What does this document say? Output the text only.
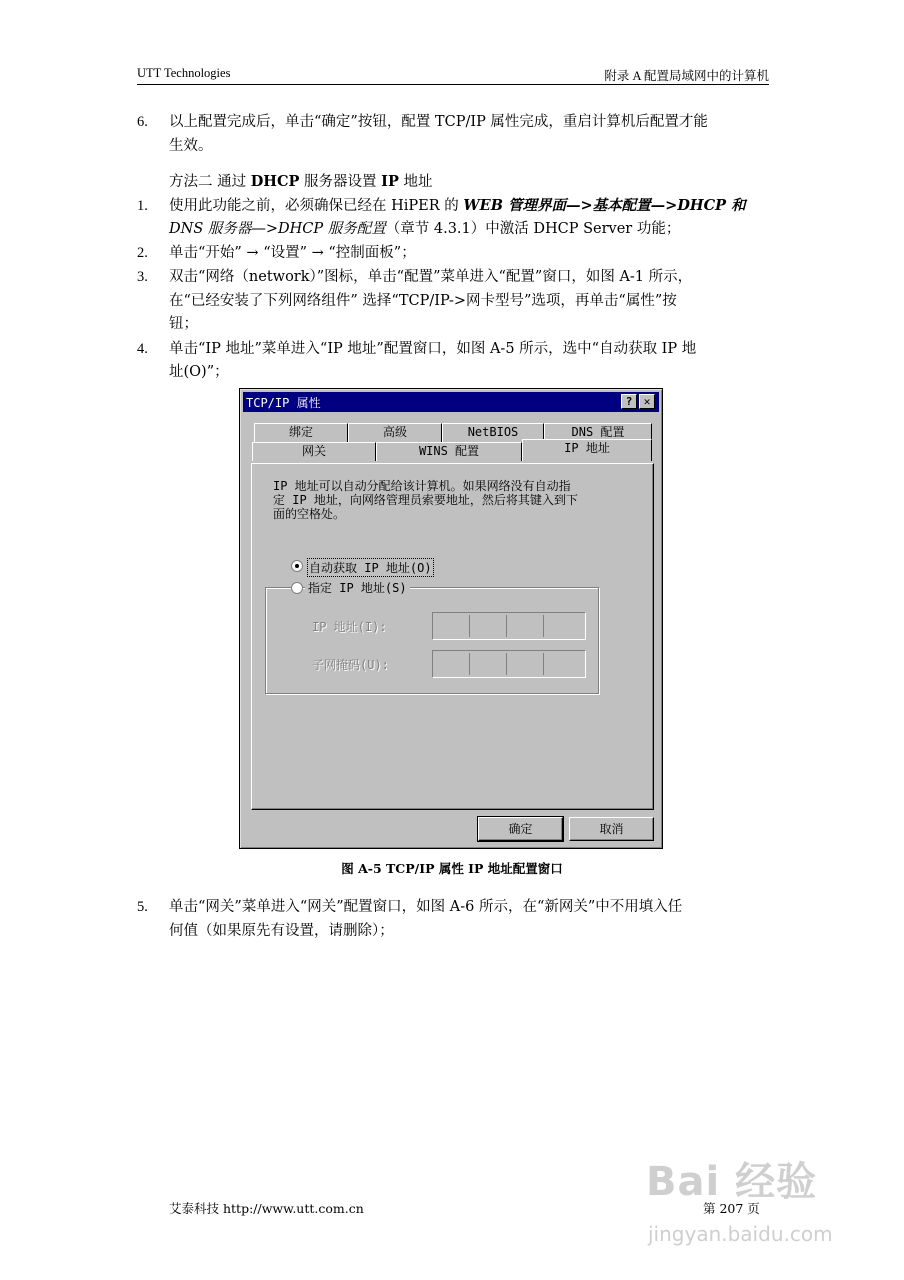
UTT Technologies	附录 A 配置局域网中的计算机
6.	以上配置完成后，单击“确定”按钮，配置 TCP/IP 属性完成，重启计算机后配置才能
生效。
方法二 通过 DHCP 服务器设置 IP 地址
1.	使用此功能之前，必须确保已经在 HiPER 的 WEB 管理界面—>基本配置—>DHCP 和
DNS 服务器—>DHCP 服务配置（章节 4.3.1）中激活 DHCP Server 功能；
2.	单击“开始” → “设置” → “控制面板”；
3.	双击“网络（network）”图标，单击“配置”菜单进入“配置”窗口，如图 A-1 所示，
在“已经安装了下列网络组件” 选择“TCP/IP->网卡型号”选项，再单击“属性”按
钮；
4.	单击“IP 地址”菜单进入“IP 地址”配置窗口，如图 A-5 所示，选中“自动获取 IP 地
址(O)”；
TCP/IP 属性	?	✕
绑定	高级	NetBIOS	DNS 配置
网关	WINS 配置	IP 地址
IP 地址可以自动分配给该计算机。如果网络没有自动指
定 IP 地址，向网络管理员索要地址，然后将其键入到下
面的空格处。
自动获取 IP 地址(O)
指定 IP 地址(S)
IP 地址(I):
子网掩码(U):
确定	取消
图 A-5 TCP/IP 属性 IP 地址配置窗口
5.	单击“网关”菜单进入“网关”配置窗口，如图 A-6 所示，在“新网关”中不用填入任
何值（如果原先有设置，请删除）；
艾泰科技 http://www.utt.com.cn	第 207 页
Bai 经验
jingyan.baidu.com
